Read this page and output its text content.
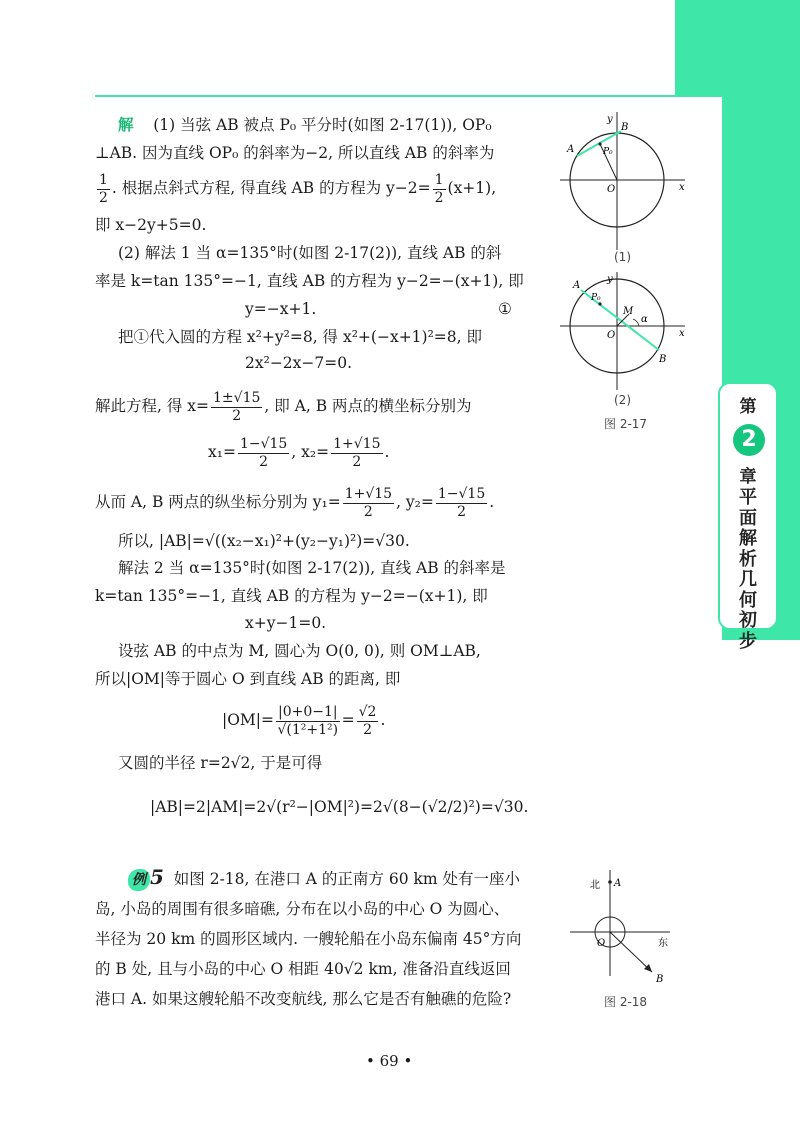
第
2
章
平面解析几何初步
解 (1) 当弦 AB 被点 P₀ 平分时(如图 2-17(1)), OP₀
⊥AB. 因为直线 OP₀ 的斜率为−2, 所以直线 AB 的斜率为
$\frac{1}{2}$ . 根据点斜式方程, 得直线 AB 的方程为 $y-2= \frac{1}{2} (x+1)$,
即 x−2y+5=0.
(2) 解法 1 当 α=135°时(如图 2-17(2)), 直线 AB 的斜
率是 k=tan 135°=−1, 直线 AB 的方程为 y−2=−(x+1), 即
y=−x+1.	①
把①代入圆的方程 x²+y²=8, 得 x²+(−x+1)²=8, 即
2x²−2x−7=0.
解此方程, 得 $x= \frac{1\pm√15}{2}$ , 即 A, B 两点的横坐标分别为
$x_1= \frac{1-√15}{2}$ , $x_2= \frac{1+√15}{2}$ .
从而 A, B 两点的纵坐标分别为 $y_1= \frac{1+√15}{2}$ , $y_2= \frac{1-√15}{2}$ .
所以, |AB|=√((x₂−x₁)²+(y₂−y₁)²)=√30.
解法 2 当 α=135°时(如图 2-17(2)), 直线 AB 的斜率是
k=tan 135°=−1, 直线 AB 的方程为 y−2=−(x+1), 即
x+y−1=0.
设弦 AB 的中点为 M, 圆心为 O(0, 0), 则 OM⊥AB,
所以|OM|等于圆心 O 到直线 AB 的距离, 即
$|OM|= \frac{|0+0-1|}{\text{√(1²+1²)}} = \frac{√2}{2}$ .
又圆的半径 r=2√2, 于是可得
|AB|=2|AM|=2√(r²−|OM|²)=2√(8−(√2/2)²)=√30.
例 5 如图 2-18, 在港口 A 的正南方 60 km 处有一座小
岛, 小岛的周围有很多暗礁, 分布在以小岛的中心 O 为圆心、
半径为 20 km 的圆形区域内. 一艘轮船在小岛东偏南 45°方向
的 B 处, 且与小岛的中心 O 相距 40√2 km, 准备沿直线返回
港口 A. 如果这艘轮船不改变航线, 那么它是否有触礁的危险?
A
B
P₀
O	x
y
(1)
A
B
P₀
M
α
O	x
y
(2)
图 2-17
北 A
东
O
B
图 2-18
• 69 •
